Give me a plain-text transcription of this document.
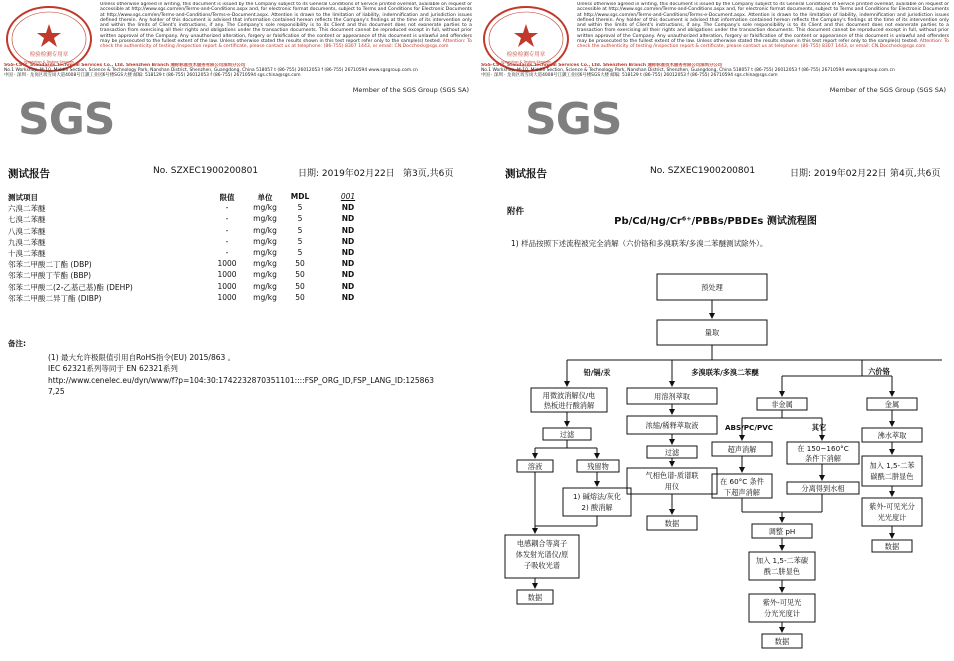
检验检测专用章
Inspection & Testing Services
Unless otherwise agreed in writing, this document is issued by the Company subject to its General Conditions of Service printed overleaf, available on request or accessible at http://www.sgs.com/en/Terms-and-Conditions.aspx and, for electronic format documents, subject to Terms and Conditions for Electronic Documents at http://www.sgs.com/en/Terms-and-Conditions/Terms-e-Document.aspx. Attention is drawn to the limitation of liability, indemnification and jurisdiction issues defined therein. Any holder of this document is advised that information contained hereon reflects the Company's findings at the time of its intervention only and within the limits of Client's instructions, if any. The Company's sole responsibility is to its Client and this document does not exonerate parties to a transaction from exercising all their rights and obligations under the transaction documents. This document cannot be reproduced except in full, without prior written approval of the Company. Any unauthorized alteration, forgery or falsification of the content or appearance of this document is unlawful and offenders may be prosecuted to the fullest extent of the law. Unless otherwise stated the results shown in this test report refer only to the sample(s) tested. Attention: To check the authenticity of testing /inspection report & certificate, please contact us at telephone: (86-755) 8307 1443, or email: CN.Doccheck@sgs.com
SGS-CSTC Standards Technical Services Co., Ltd. Shenzhen Branch 通标标准技术服务有限公司深圳分公司
No.1 Workshop, M-10, Middle Section, Science & Technology Park, Nanshan District, Shenzhen, Guangdong, China 518057 t (86-755) 26012053 f (86-755) 26710594 www.sgsgroup.com.cn
中国 · 深圳 · 龙岗区坂雪岗大道4008号江灏工业园6号楼SGS大楼 邮编: 518129 t (86-755) 26012053 f (86-755) 26710594 sgs.china@sgs.com
Member of the SGS Group (SGS SA)
SGS
测试报告	No. SZXEC1900200801	日期: 2019年02月22日 第3页,共6页
测试项目	限值	单位	MDL	001
六溴二苯醚	-	mg/kg	5	ND
七溴二苯醚	-	mg/kg	5	ND
八溴二苯醚	-	mg/kg	5	ND
九溴二苯醚	-	mg/kg	5	ND
十溴二苯醚	-	mg/kg	5	ND
邻苯二甲酸二丁酯 (DBP)	1000 mg/kg	50	ND
邻苯二甲酸丁苄酯 (BBP)	1000 mg/kg	50	ND
邻苯二甲酸二(2-乙基己基)酯 (DEHP)	1000 mg/kg	50	ND
邻苯二甲酸二异丁酯 (DIBP)	1000 mg/kg	50	ND
备注:
(1) 最大允许极限值引用自RoHS指令(EU) 2015/863 。
IEC 62321系列等同于 EN 62321系列
http://www.cenelec.eu/dyn/www/f?p=104:30:1742232870351101::::FSP_ORG_ID,FSP_LANG_ID:125863
7,25
检验检测专用章
Inspection & Testing Services
Unless otherwise agreed in writing, this document is issued by the Company subject to its General Conditions of Service printed overleaf, available on request or accessible at http://www.sgs.com/en/Terms-and-Conditions.aspx and, for electronic format documents, subject to Terms and Conditions for Electronic Documents at http://www.sgs.com/en/Terms-and-Conditions/Terms-e-Document.aspx. Attention is drawn to the limitation of liability, indemnification and jurisdiction issues defined therein. Any holder of this document is advised that information contained hereon reflects the Company's findings at the time of its intervention only and within the limits of Client's instructions, if any. The Company's sole responsibility is to its Client and this document does not exonerate parties to a transaction from exercising all their rights and obligations under the transaction documents. This document cannot be reproduced except in full, without prior written approval of the Company. Any unauthorized alteration, forgery or falsification of the content or appearance of this document is unlawful and offenders may be prosecuted to the fullest extent of the law. Unless otherwise stated the results shown in this test report refer only to the sample(s) tested. Attention: To check the authenticity of testing /inspection report & certificate, please contact us at telephone: (86-755) 8307 1443, or email: CN.Doccheck@sgs.com
SGS-CSTC Standards Technical Services Co., Ltd. Shenzhen Branch 通标标准技术服务有限公司深圳分公司
No.1 Workshop, M-10, Middle Section, Science & Technology Park, Nanshan District, Shenzhen, Guangdong, China 518057 t (86-755) 26012053 f (86-755) 26710594 www.sgsgroup.com.cn
中国 · 深圳 · 龙岗区坂雪岗大道4008号江灏工业园6号楼SGS大楼 邮编: 518129 t (86-755) 26012053 f (86-755) 26710594 sgs.china@sgs.com
Member of the SGS Group (SGS SA)
SGS
测试报告	No. SZXEC1900200801	日期: 2019年02月22日 第4页,共6页
附件
Pb/Cd/Hg/Cr⁶⁺/PBBs/PBDEs 测试流程图
1) 样品按照下述流程被完全消解（六价铬和多溴联苯/多溴二苯醚测试除外）。
预处理
量取
铅/镉/汞	多溴联苯/多溴二苯醚	六价铬
用微波消解仪/电
热板进行酸消解
过滤
溶液	残留物
1) 碱熔法/灰化
2) 酸消解
电感耦合等离子
体发射光谱仪/原
子吸收光谱
数据
用溶剂萃取
浓缩/稀释萃取液
过滤
气相色谱-质谱联
用仪
数据
非金属
ABS/PC/PVC	其它
超声消解	在 150~160°C
条件下消解
在 60°C 条件
下超声消解	分离得到水相
调整 pH
加入 1,5-二苯碳
酰二肼显色
紫外-可见光
分光光度计
数据
金属
沸水萃取
加入 1,5-二苯
碳酰二肼显色
紫外-可见光分
光光度计
数据
